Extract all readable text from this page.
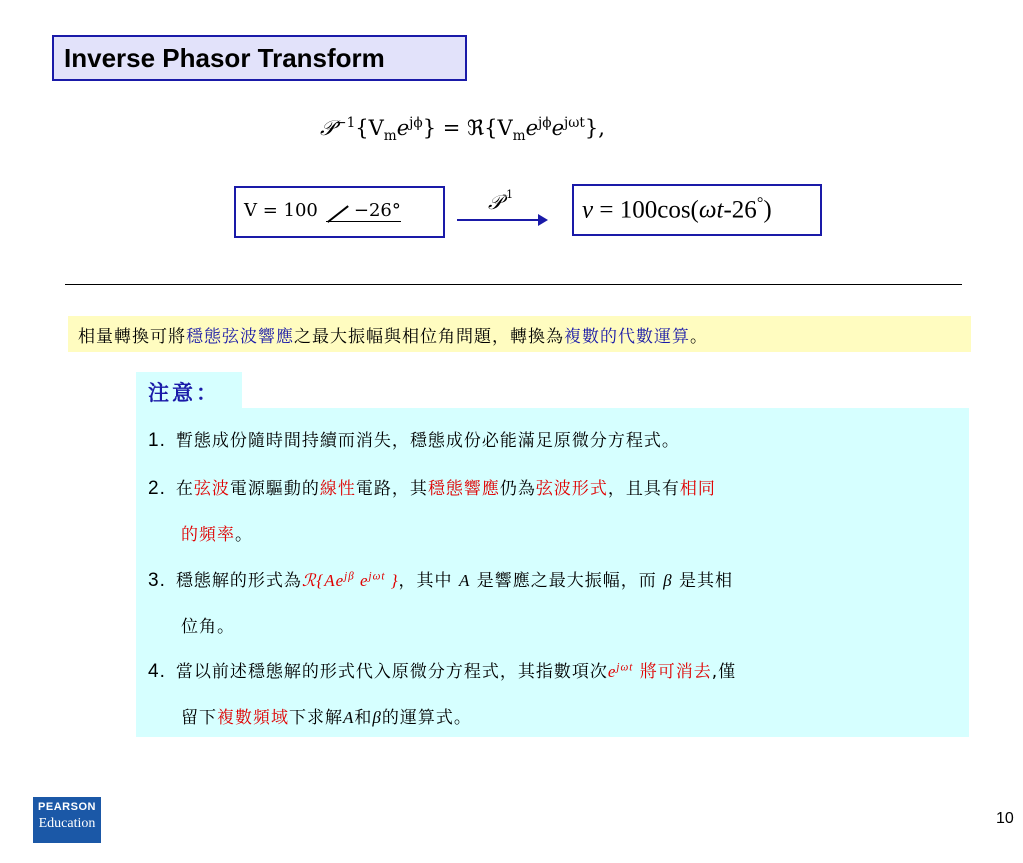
Inverse Phasor Transform
$𝒫^{-1}\{V_me^{j\phi}\}$ = $ℜ\{V_me^{j\phi}e^{j\omega t}\}$,
V = 100 −26°	𝒫$^{-1}$
v = 100cos(ωt-26°)
相量轉換可將穩態弦波響應之最大振幅與相位角問題，轉換為複數的代數運算。
注意：
1. 暫態成份隨時間持續而消失，穩態成份必能滿足原微分方程式。
2. 在弦波電源驅動的線性電路，其穩態響應仍為弦波形式，且具有相同
的頻率。
3. 穩態解的形式為$ℛ\{Ae^{j\beta}$ $e^{j\omega t}$ }，其中 A 是響應之最大振幅，而 β 是其相
位角。
4. 當以前述穩態解的形式代入原微分方程式，其指數項次$e^{j\omega t}$ 將可消去,僅
留下複數頻域下求解A和β的運算式。
PEARSON
Education	10
